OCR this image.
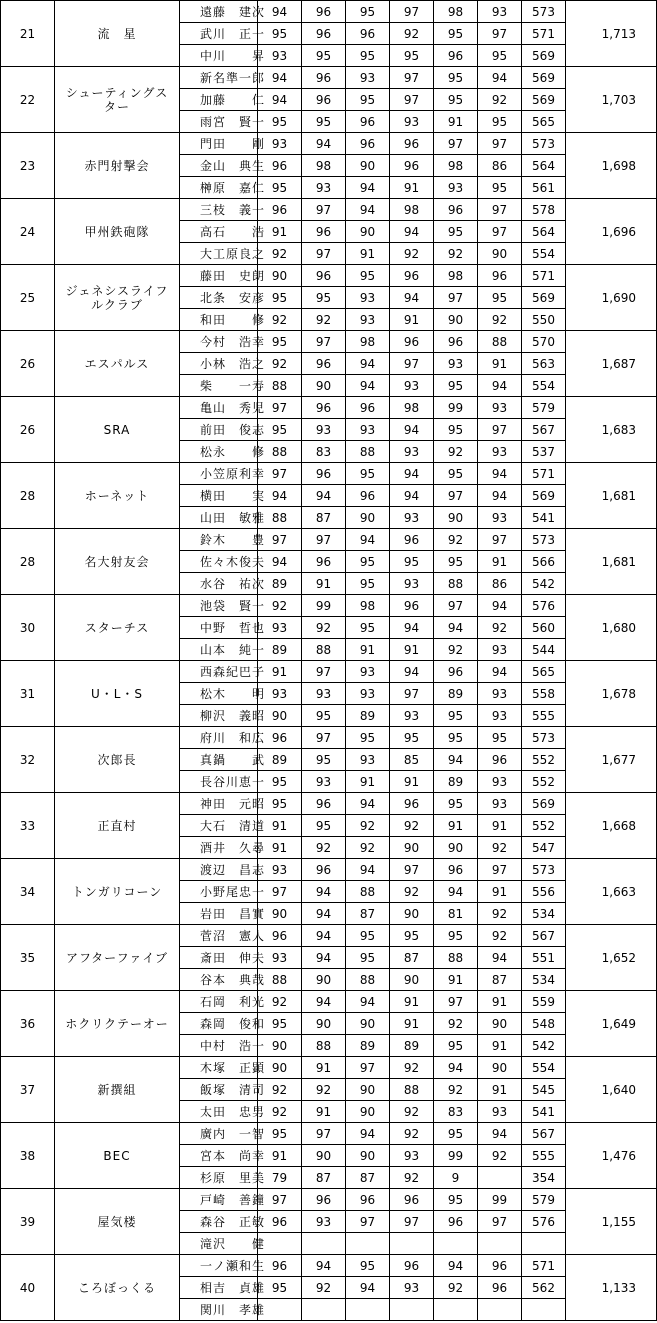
21	流　星	遠藤　建次	94	96	95	97	98	93	573	1,713
		武川　正一	95	96	96	92	95	97	571	
		中川　　昇	93	95	95	95	96	95	569	
22	シューティングスター	新名準一郎	94	96	93	97	95	94	569	1,703
		加藤　　仁	94	96	95	97	95	92	569	
		雨宮　賢一	95	95	96	93	91	95	565	
23	赤門射撃会	門田　　剛	93	94	96	96	97	97	573	1,698
		金山　典生	96	98	90	96	98	86	564	
		榊原　嘉仁	95	93	94	91	93	95	561	
24	甲州鉄砲隊	三枝　義一	96	97	94	98	96	97	578	1,696
		高石　　浩	91	96	90	94	95	97	564	
		大工原良之	92	97	91	92	92	90	554	
25	ジェネシスライフルクラブ	藤田　史朗	90	96	95	96	98	96	571	1,690
		北条　安彦	95	95	93	94	97	95	569	
		和田　　修	92	92	93	91	90	92	550	
26	エスパルス	今村　浩幸	95	97	98	96	96	88	570	1,687
		小林　浩之	92	96	94	97	93	91	563	
		柴　　一寿	88	90	94	93	95	94	554	
26	SRA	亀山　秀児	97	96	96	98	99	93	579	1,683
		前田　俊志	95	93	93	94	95	97	567	
		松永　　修	88	83	88	93	92	93	537	
28	ホーネット	小笠原利幸	97	96	95	94	95	94	571	1,681
		横田　　実	94	94	96	94	97	94	569	
		山田　敏雅	88	87	90	93	90	93	541	
28	名大射友会	鈴木　　豊	97	97	94	96	92	97	573	1,681
		佐々木俊夫	94	96	95	95	95	91	566	
		水谷　祐次	89	91	95	93	88	86	542	
30	スターチス	池袋　賢一	92	99	98	96	97	94	576	1,680
		中野　哲也	93	92	95	94	94	92	560	
		山本　純一	89	88	91	91	92	93	544	
31	U・L・S	西森紀巴子	91	97	93	94	96	94	565	1,678
		松木　　明	93	93	93	97	89	93	558	
		柳沢　義昭	90	95	89	93	95	93	555	
32	次郎長	府川　和広	96	97	95	95	95	95	573	1,677
		真鍋　　武	89	95	93	85	94	96	552	
		長谷川恵一	95	93	91	91	89	93	552	
33	正直村	神田　元昭	95	96	94	96	95	93	569	1,668
		大石　清道	91	95	92	92	91	91	552	
		酒井　久尋	91	92	92	90	90	92	547	
34	トンガリコーン	渡辺　昌志	93	96	94	97	96	97	573	1,663
		小野尾忠一	97	94	88	92	94	91	556	
		岩田　昌實	90	94	87	90	81	92	534	
35	アフターファイブ	菅沼　憲人	96	94	95	95	95	92	567	1,652
		斎田　伸夫	93	94	95	87	88	94	551	
		谷本　典哉	88	90	88	90	91	87	534	
36	ホクリクテーオー	石岡　利光	92	94	94	91	97	91	559	1,649
		森岡　俊和	95	90	90	91	92	90	548	
		中村　浩一	90	88	89	89	95	91	542	
37	新撰組	木塚　正顕	90	91	97	92	94	90	554	1,640
		飯塚　清司	92	92	90	88	92	91	545	
		太田　忠男	92	91	90	92	83	93	541	
38	BEC	廣内　一智	95	97	94	92	95	94	567	1,476
		宮本　尚幸	91	90	90	93	99	92	555	
		杉原　里美	79	87	87	92	9		354	
39	屋気楼	戸崎　善鐘	97	96	96	96	95	99	579	1,155
		森谷　正敏	96	93	97	97	96	97	576	
		滝沢　　健								
40	ころぼっくる	一ノ瀬和生	96	94	95	96	94	96	571	1,133
		相吉　貞雄	95	92	94	93	92	96	562	
		関川　孝雄								
